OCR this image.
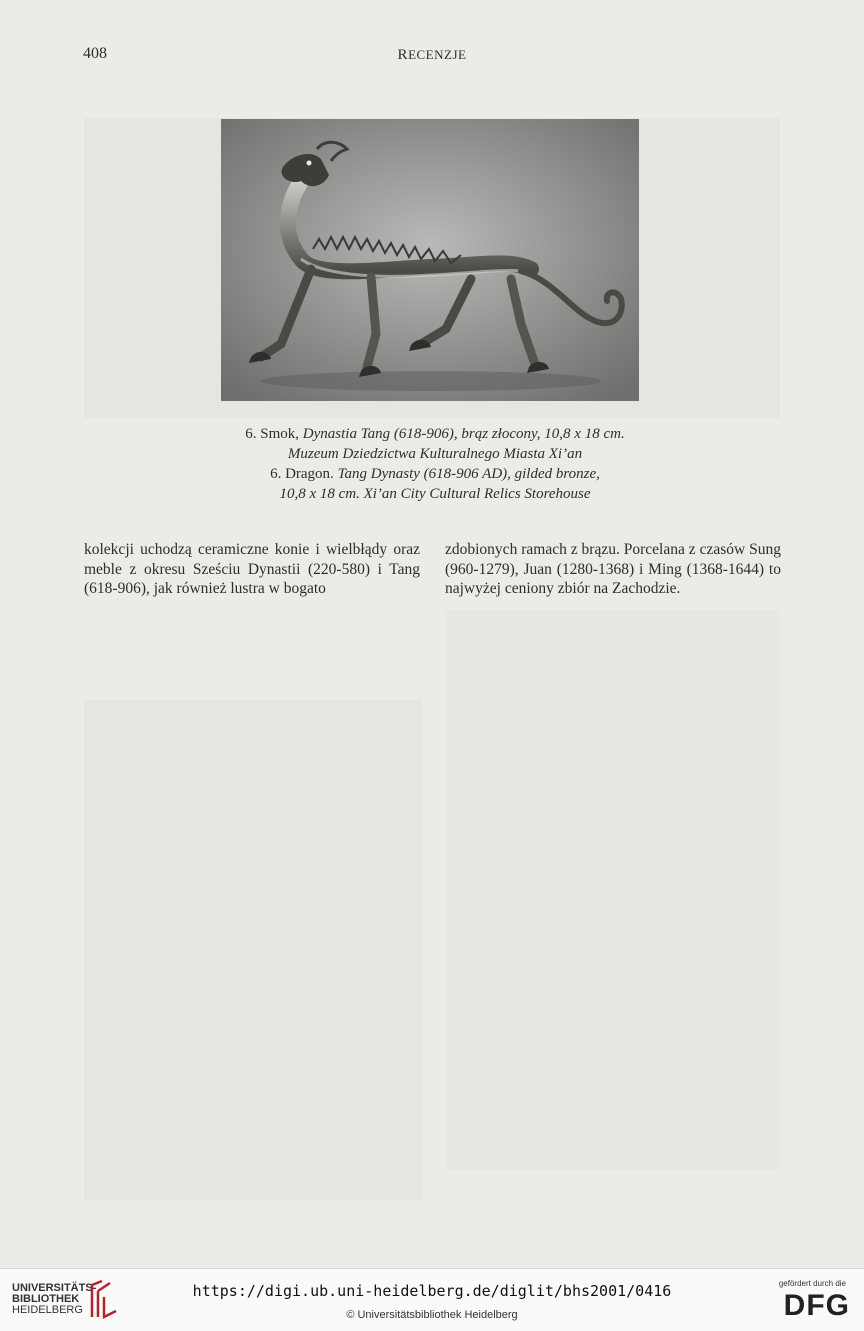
408	RECENZJE
6. Smok, Dynastia Tang (618-906), brąz złocony, 10,8 x 18 cm.
Muzeum Dziedzictwa Kulturalnego Miasta Xi’an
6. Dragon. Tang Dynasty (618-906 AD), gilded bronze,
10,8 x 18 cm. Xi’an City Cultural Relics Storehouse
kolekcji uchodzą ceramiczne konie i wielbłądy oraz meble z okresu Sześciu Dynastii (220-580) i Tang (618-906), jak również lustra w bogato
zdobionych ramach z brązu. Porcelana z czasów Sung (960-1279), Juan (1280-1368) i Ming (1368-1644) to najwyżej ceniony zbiór na Zachodzie.
UNIVERSITÄTS-
BIBLIOTHEK
HEIDELBERG
https://digi.ub.uni-heidelberg.de/diglit/bhs2001/0416
© Universitätsbibliothek Heidelberg
gefördert durch die
DFG
